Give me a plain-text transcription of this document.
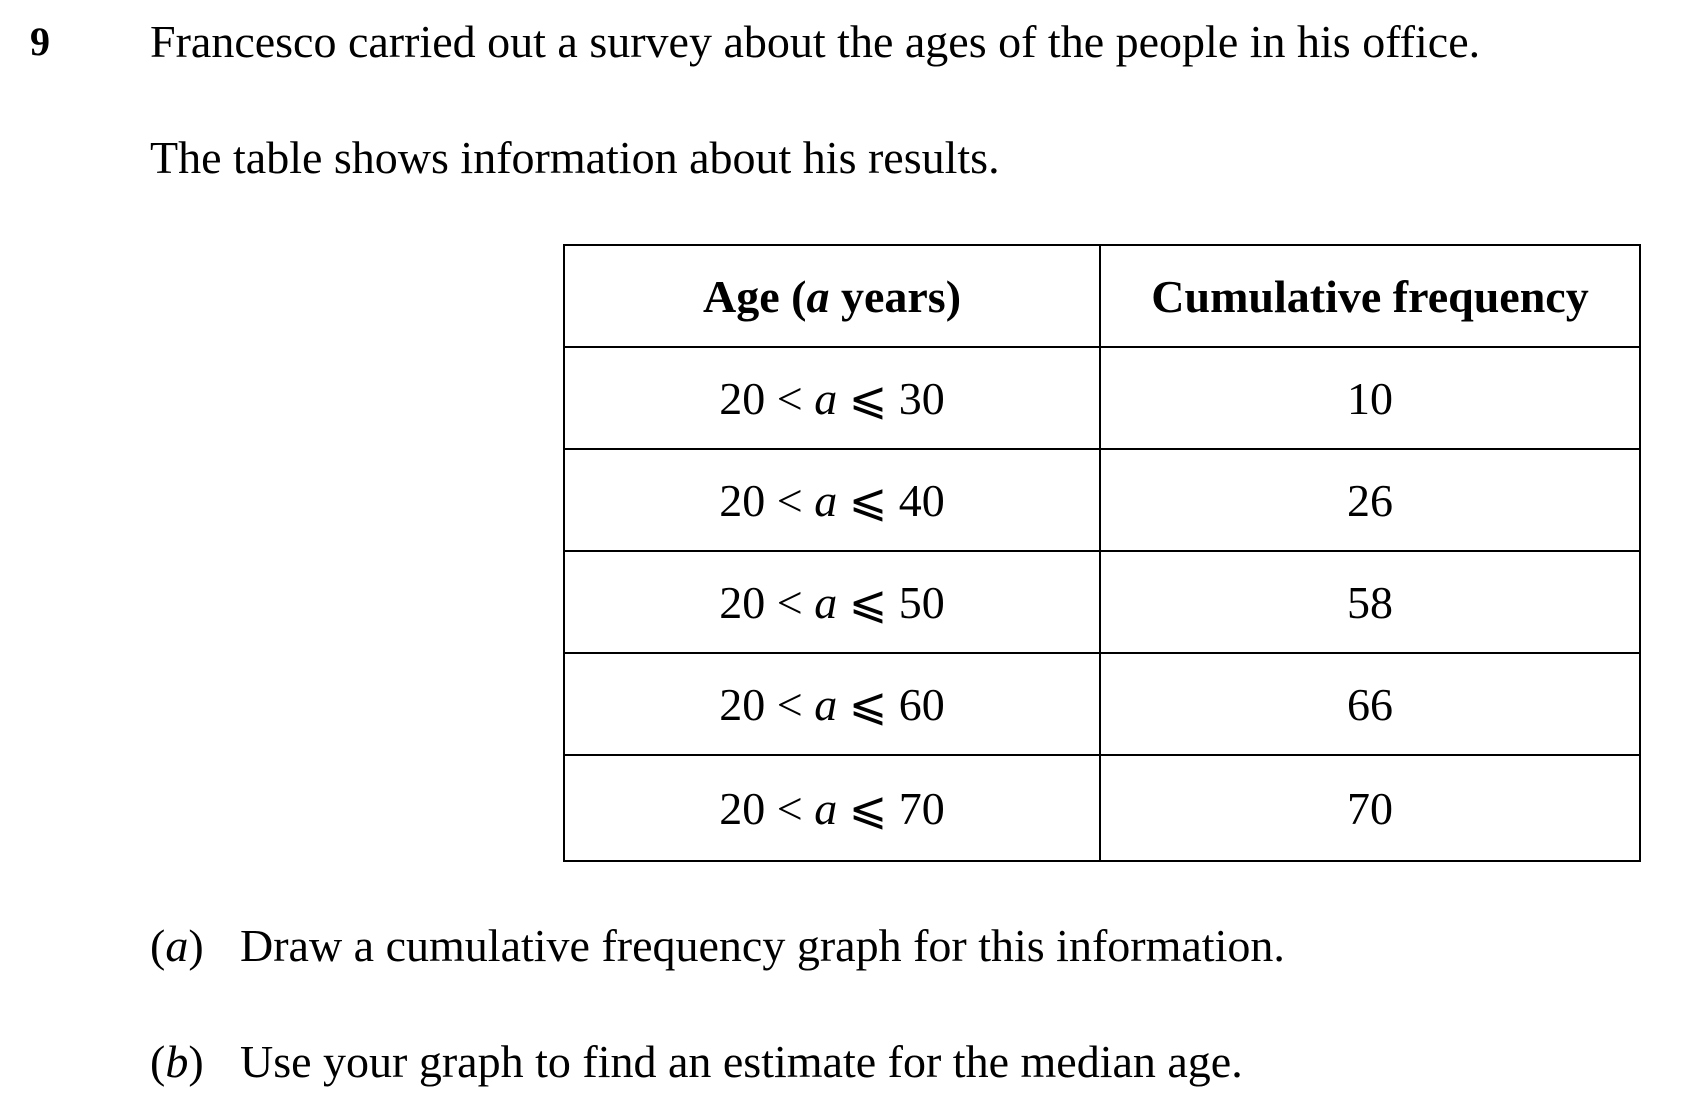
9 Francesco carried out a survey about the ages of the people in his office.
The table shows information about his results.
Age (a years)	Cumulative frequency
20 < a ⩽ 30	10
20 < a ⩽ 40	26
20 < a ⩽ 50	58
20 < a ⩽ 60	66
20 < a ⩽ 70	70
(a) Draw a cumulative frequency graph for this information.
(b) Use your graph to find an estimate for the median age.
